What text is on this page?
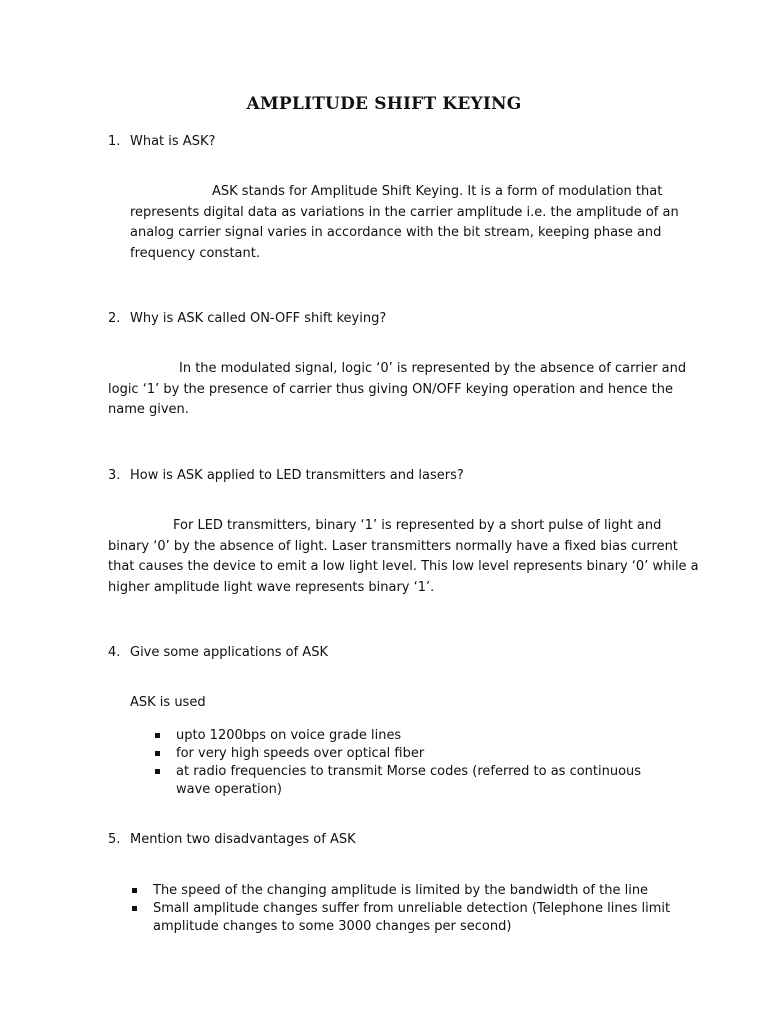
AMPLITUDE SHIFT KEYING
1. What is ASK?
ASK stands for Amplitude Shift Keying. It is a form of modulation that
represents digital data as variations in the carrier amplitude i.e. the amplitude of an
analog carrier signal varies in accordance with the bit stream, keeping phase and
frequency constant.
2. Why is ASK called ON-OFF shift keying?
In the modulated signal, logic ‘0’ is represented by the absence of carrier and
logic ‘1’ by the presence of carrier thus giving ON/OFF keying operation and hence the
name given.
3. How is ASK applied to LED transmitters and lasers?
For LED transmitters, binary ‘1’ is represented by a short pulse of light and
binary ‘0’ by the absence of light. Laser transmitters normally have a fixed bias current
that causes the device to emit a low light level. This low level represents binary ‘0’ while a
higher amplitude light wave represents binary ‘1’.
4. Give some applications of ASK
ASK is used
upto 1200bps on voice grade lines
for very high speeds over optical fiber
at radio frequencies to transmit Morse codes (referred to as continuous wave operation)
5. Mention two disadvantages of ASK
The speed of the changing amplitude is limited by the bandwidth of the line
Small amplitude changes suffer from unreliable detection (Telephone lines limit amplitude changes to some 3000 changes per second)
